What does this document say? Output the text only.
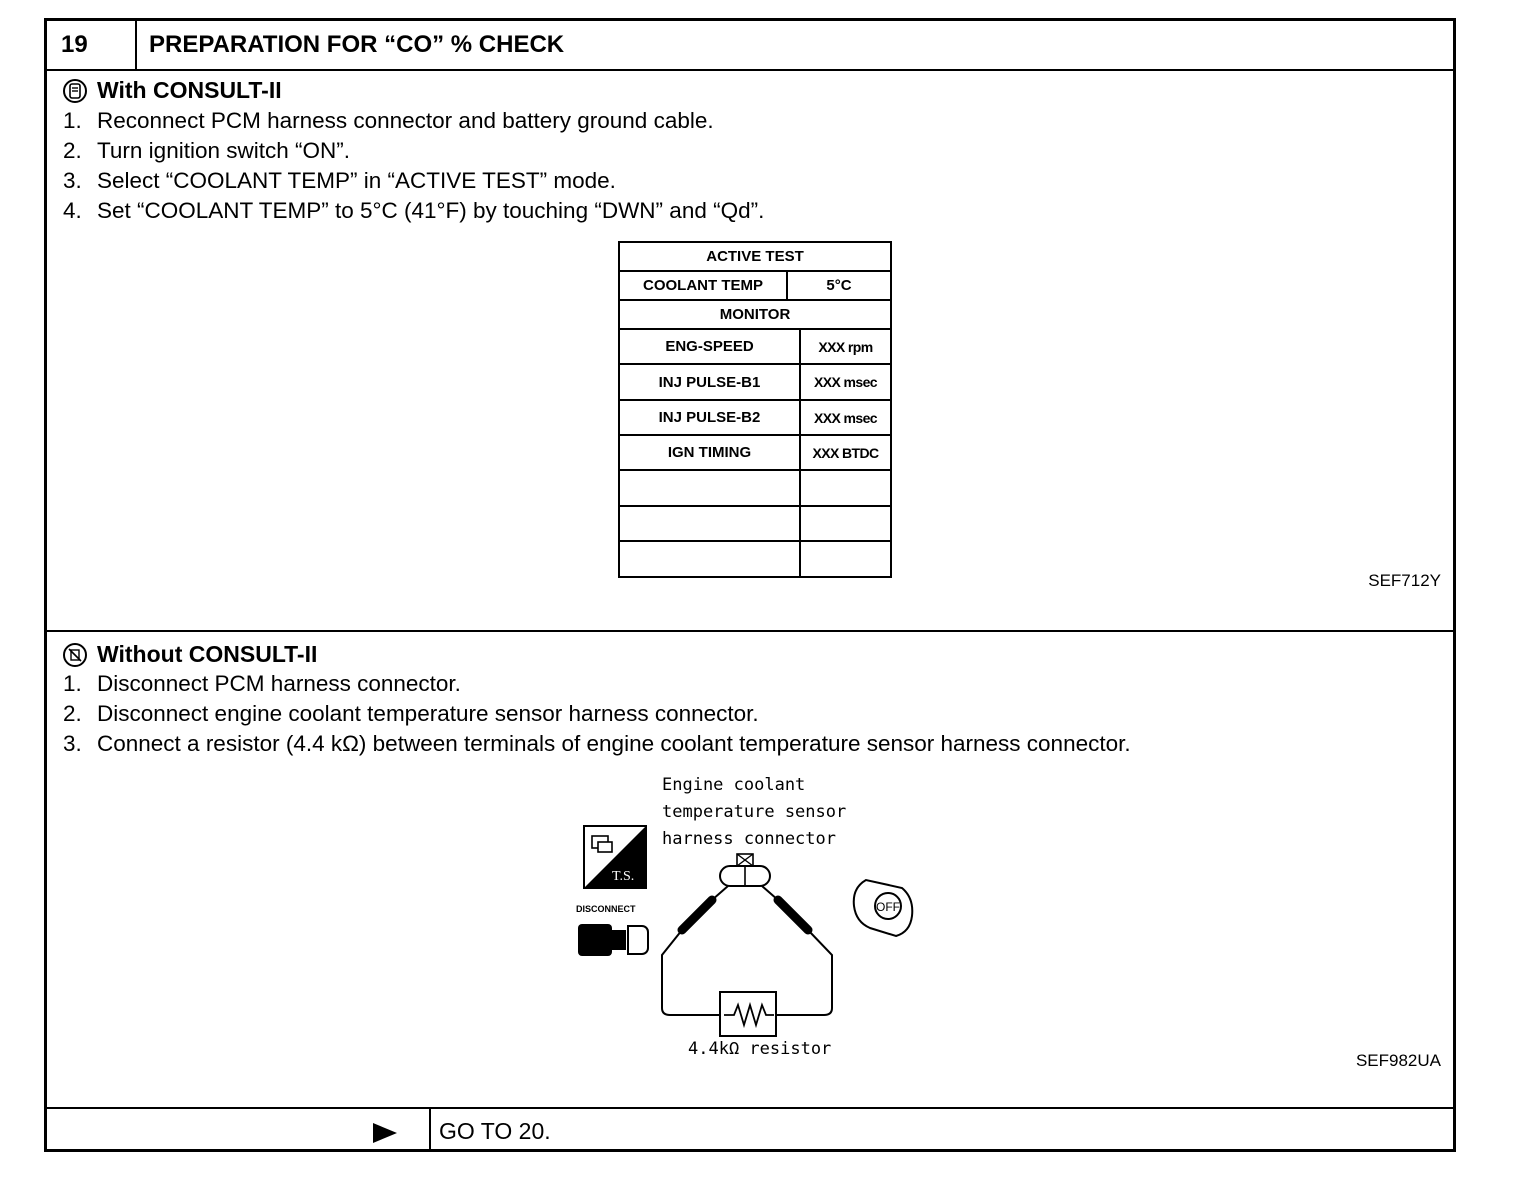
19	PREPARATION FOR “CO” % CHECK
With CONSULT-II
1. Reconnect PCM harness connector and battery ground cable.
2. Turn ignition switch “ON”.
3. Select “COOLANT TEMP” in “ACTIVE TEST” mode.
4. Set “COOLANT TEMP” to 5°C (41°F) by touching “DWN” and “Qd”.
SEF712Y
Without CONSULT-II
1. Disconnect PCM harness connector.
2. Disconnect engine coolant temperature sensor harness connector.
3. Connect a resistor (4.4 kΩ) between terminals of engine coolant temperature sensor harness connector.
SEF982UA
GO TO 20.
ACTIVE TEST
COOLANT TEMP	5°C
MONITOR
ENG-SPEED	XXX rpm
INJ PULSE-B1	XXX msec
INJ PULSE-B2	XXX msec
IGN TIMING	XXX BTDC
Engine coolant
temperature sensor
harness connector
4.4kΩ resistor
T.S.
DISCONNECT	OFF
